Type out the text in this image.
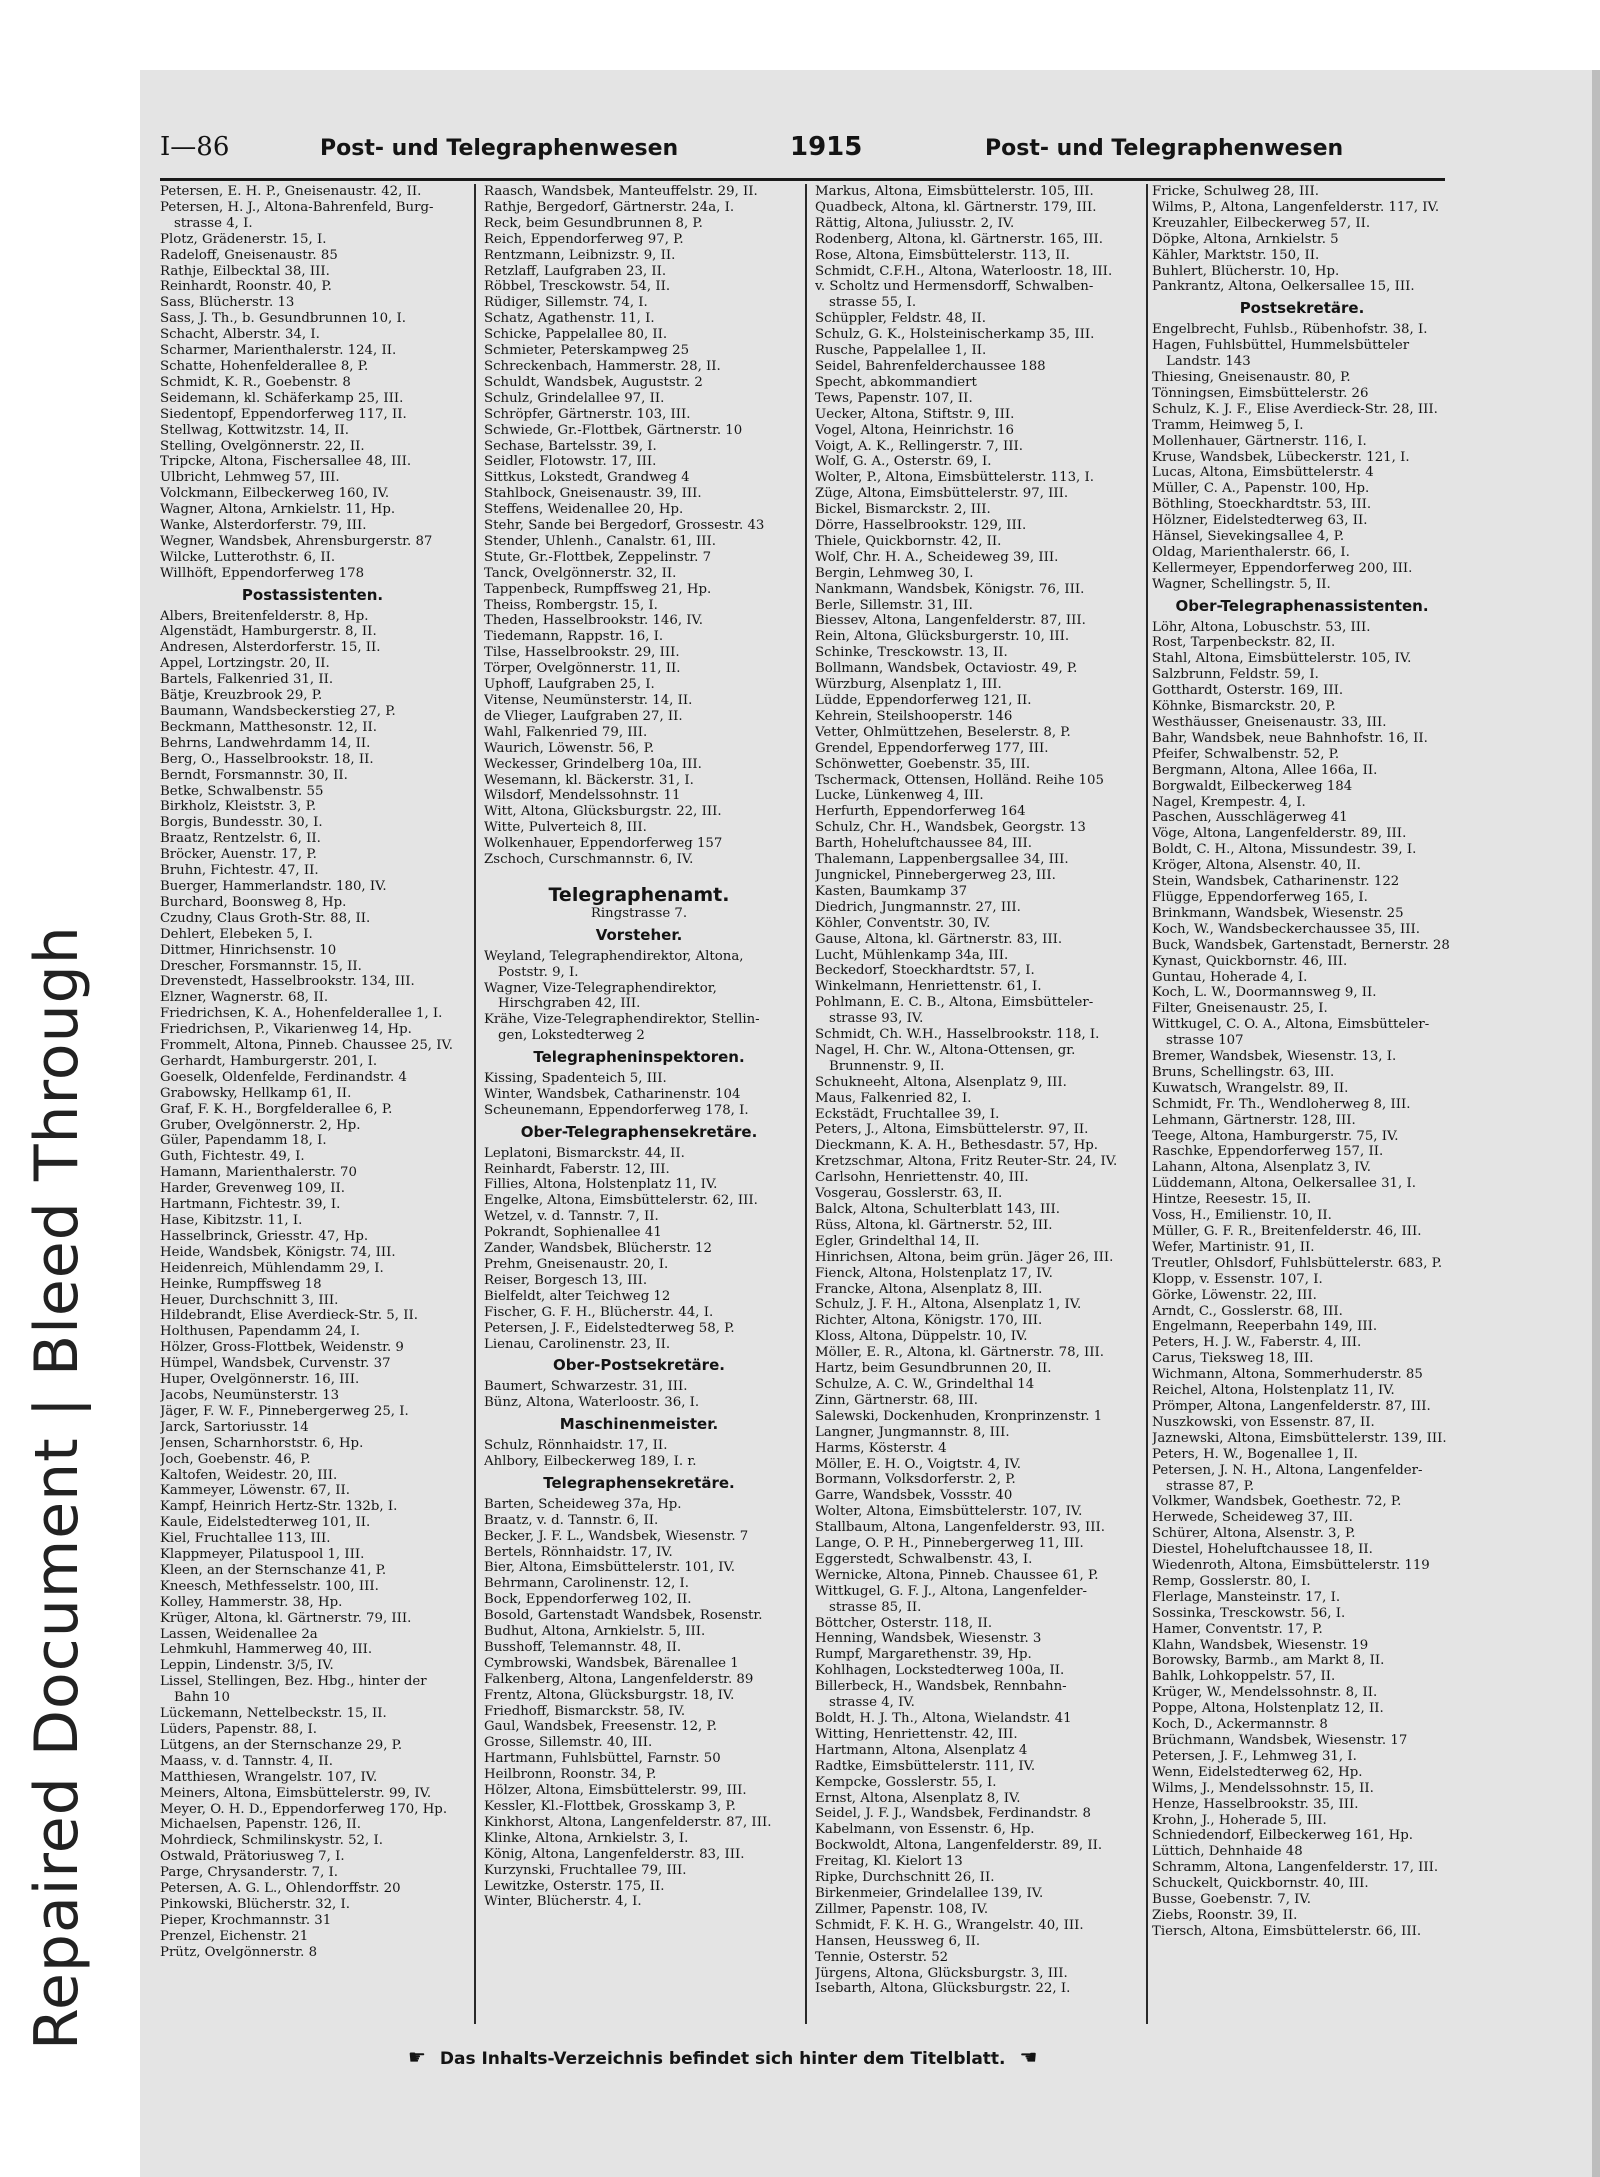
Repaired Document | Bleed Through
I—86	Post- und Telegraphenwesen	1915	Post- und Telegraphenwesen
Petersen, E. H. P., Gneisenaustr. 42, II.
Petersen, H. J., Altona-Bahrenfeld, Burg-
strasse 4, I.
Plotz, Grädenerstr. 15, I.
Radeloff, Gneisenaustr. 85
Rathje, Eilbecktal 38, III.
Reinhardt, Roonstr. 40, P.
Sass, Blücherstr. 13
Sass, J. Th., b. Gesundbrunnen 10, I.
Schacht, Alberstr. 34, I.
Scharmer, Marienthalerstr. 124, II.
Schatte, Hohenfelderallee 8, P.
Schmidt, K. R., Goebenstr. 8
Seidemann, kl. Schäferkamp 25, III.
Siedentopf, Eppendorferweg 117, II.
Stellwag, Kottwitzstr. 14, II.
Stelling, Övelgönnerstr. 22, II.
Tripcke, Altona, Fischersallee 48, III.
Ulbricht, Lehmweg 57, III.
Volckmann, Eilbeckerweg 160, IV.
Wagner, Altona, Arnkielstr. 11, Hp.
Wanke, Alsterdorferstr. 79, III.
Wegner, Wandsbek, Ahrensburgerstr. 87
Wilcke, Lutterothstr. 6, II.
Willhöft, Eppendorferweg 178
Postassistenten.
Albers, Breitenfelderstr. 8, Hp.
Algenstädt, Hamburgerstr. 8, II.
Andresen, Alsterdorferstr. 15, II.
Appel, Lortzingstr. 20, II.
Bartels, Falkenried 31, II.
Bätje, Kreuzbrook 29, P.
Baumann, Wandsbeckerstieg 27, P.
Beckmann, Matthesonstr. 12, II.
Behrns, Landwehrdamm 14, II.
Berg, O., Hasselbrookstr. 18, II.
Berndt, Forsmannstr. 30, II.
Betke, Schwalbenstr. 55
Birkholz, Kleiststr. 3, P.
Borgis, Bundesstr. 30, I.
Braatz, Rentzelstr. 6, II.
Bröcker, Auenstr. 17, P.
Bruhn, Fichtestr. 47, II.
Buerger, Hammerlandstr. 180, IV.
Burchard, Boonsweg 8, Hp.
Czudny, Claus Groth-Str. 88, II.
Dehlert, Elebeken 5, I.
Dittmer, Hinrichsenstr. 10
Drescher, Forsmannstr. 15, II.
Drevenstedt, Hasselbrookstr. 134, III.
Elzner, Wagnerstr. 68, II.
Friedrichsen, K. A., Hohenfelderallee 1, I.
Friedrichsen, P., Vikarienweg 14, Hp.
Frommelt, Altona, Pinneb. Chaussee 25, IV.
Gerhardt, Hamburgerstr. 201, I.
Goeselk, Oldenfelde, Ferdinandstr. 4
Grabowsky, Hellkamp 61, II.
Graf, F. K. H., Borgfelderallee 6, P.
Gruber, Övelgönnerstr. 2, Hp.
Güler, Papendamm 18, I.
Guth, Fichtestr. 49, I.
Hamann, Marienthalerstr. 70
Harder, Grevenweg 109, II.
Hartmann, Fichtestr. 39, I.
Hase, Kibitzstr. 11, I.
Hasselbrinck, Griesstr. 47, Hp.
Heide, Wandsbek, Königstr. 74, III.
Heidenreich, Mühlendamm 29, I.
Heinke, Rumpffsweg 18
Heuer, Durchschnitt 3, III.
Hildebrandt, Elise Averdieck-Str. 5, II.
Holthusen, Papendamm 24, I.
Hölzer, Gross-Flottbek, Weidenstr. 9
Hümpel, Wandsbek, Curvenstr. 37
Huper, Övelgönnerstr. 16, III.
Jacobs, Neumünsterstr. 13
Jäger, F. W. F., Pinnebergerweg 25, I.
Jarck, Sartoriusstr. 14
Jensen, Scharnhorststr. 6, Hp.
Joch, Goebenstr. 46, P.
Kaltofen, Weidestr. 20, III.
Kammeyer, Löwenstr. 67, II.
Kampf, Heinrich Hertz-Str. 132b, I.
Kaule, Eidelstedterweg 101, II.
Kiel, Fruchtallee 113, III.
Klappmeyer, Pilatuspool 1, III.
Kleen, an der Sternschanze 41, P.
Kneesch, Methfesselstr. 100, III.
Kolley, Hammerstr. 38, Hp.
Krüger, Altona, kl. Gärtnerstr. 79, III.
Lassen, Weidenallee 2a
Lehmkuhl, Hammerweg 40, III.
Leppin, Lindenstr. 3/5, IV.
Lissel, Stellingen, Bez. Hbg., hinter der
Bahn 10
Lückemann, Nettelbeckstr. 15, II.
Lüders, Papenstr. 88, I.
Lütgens, an der Sternschanze 29, P.
Maass, v. d. Tannstr. 4, II.
Matthiesen, Wrangelstr. 107, IV.
Meiners, Altona, Eimsbüttelerstr. 99, IV.
Meyer, O. H. D., Eppendorferweg 170, Hp.
Michaelsen, Papenstr. 126, II.
Mohrdieck, Schmilinskystr. 52, I.
Ostwald, Prätoriusweg 7, I.
Parge, Chrysanderstr. 7, I.
Petersen, A. G. L., Ohlendorffstr. 20
Pinkowski, Blücherstr. 32, I.
Pieper, Krochmannstr. 31
Prenzel, Eichenstr. 21
Prütz, Övelgönnerstr. 8
Raasch, Wandsbek, Manteuffelstr. 29, II.
Rathje, Bergedorf, Gärtnerstr. 24a, I.
Reck, beim Gesundbrunnen 8, P.
Reich, Eppendorferweg 97, P.
Rentzmann, Leibnizstr. 9, II.
Retzlaff, Laufgraben 23, II.
Röbbel, Tresckowstr. 54, II.
Rüdiger, Sillemstr. 74, I.
Schatz, Agathenstr. 11, I.
Schicke, Pappelallee 80, II.
Schmieter, Peterskampweg 25
Schreckenbach, Hammerstr. 28, II.
Schuldt, Wandsbek, Auguststr. 2
Schulz, Grindelallee 97, II.
Schröpfer, Gärtnerstr. 103, III.
Schwiede, Gr.-Flottbek, Gärtnerstr. 10
Sechase, Bartelsstr. 39, I.
Seidler, Flotowstr. 17, III.
Sittkus, Lokstedt, Grandweg 4
Stahlbock, Gneisenaustr. 39, III.
Steffens, Weidenallee 20, Hp.
Stehr, Sande bei Bergedorf, Grossestr. 43
Stender, Uhlenh., Canalstr. 61, III.
Stute, Gr.-Flottbek, Zeppelinstr. 7
Tanck, Övelgönnerstr. 32, II.
Tappenbeck, Rumpffsweg 21, Hp.
Theiss, Rombergstr. 15, I.
Theden, Hasselbrookstr. 146, IV.
Tiedemann, Rappstr. 16, I.
Tilse, Hasselbrookstr. 29, III.
Törper, Övelgönnerstr. 11, II.
Uphoff, Laufgraben 25, I.
Vitense, Neumünsterstr. 14, II.
de Vlieger, Laufgraben 27, II.
Wahl, Falkenried 79, III.
Waurich, Löwenstr. 56, P.
Weckesser, Grindelberg 10a, III.
Wesemann, kl. Bäckerstr. 31, I.
Wilsdorf, Mendelssohnstr. 11
Witt, Altona, Glücksburgstr. 22, III.
Witte, Pulverteich 8, III.
Wolkenhauer, Eppendorferweg 157
Zschoch, Curschmannstr. 6, IV.
Telegraphenamt.
Ringstrasse 7.
Vorsteher.
Weyland, Telegraphendirektor, Altona,
Poststr. 9, I.
Wagner, Vize-Telegraphendirektor,
Hirschgraben 42, III.
Krähe, Vize-Telegraphendirektor, Stellin-
gen, Lokstedterweg 2
Telegrapheninspektoren.
Kissing, Spadenteich 5, III.
Winter, Wandsbek, Catharinenstr. 104
Scheunemann, Eppendorferweg 178, I.
Ober-Telegraphensekretäre.
Leplatoni, Bismarckstr. 44, II.
Reinhardt, Faberstr. 12, III.
Fillies, Altona, Holstenplatz 11, IV.
Engelke, Altona, Eimsbüttelerstr. 62, III.
Wetzel, v. d. Tannstr. 7, II.
Pokrandt, Sophienallee 41
Zander, Wandsbek, Blücherstr. 12
Prehm, Gneisenaustr. 20, I.
Reiser, Borgesch 13, III.
Bielfeldt, alter Teichweg 12
Fischer, G. F. H., Blücherstr. 44, I.
Petersen, J. F., Eidelstedterweg 58, P.
Lienau, Carolinenstr. 23, II.
Ober-Postsekretäre.
Baumert, Schwarzestr. 31, III.
Bünz, Altona, Waterloostr. 36, I.
Maschinenmeister.
Schulz, Rönnhaidstr. 17, II.
Ahlbory, Eilbeckerweg 189, I. r.
Telegraphensekretäre.
Barten, Scheideweg 37a, Hp.
Braatz, v. d. Tannstr. 6, II.
Becker, J. F. L., Wandsbek, Wiesenstr. 7
Bertels, Rönnhaidstr. 17, IV.
Bier, Altona, Eimsbüttelerstr. 101, IV.
Behrmann, Carolinenstr. 12, I.
Bock, Eppendorferweg 102, II.
Bosold, Gartenstadt Wandsbek, Rosenstr.
Budhut, Altona, Arnkielstr. 5, III.
Busshoff, Telemannstr. 48, II.
Cymbrowski, Wandsbek, Bärenallee 1
Falkenberg, Altona, Langenfelderstr. 89
Frentz, Altona, Glücksburgstr. 18, IV.
Friedhoff, Bismarckstr. 58, IV.
Gaul, Wandsbek, Freesenstr. 12, P.
Grosse, Sillemstr. 40, III.
Hartmann, Fuhlsbüttel, Farnstr. 50
Heilbronn, Roonstr. 34, P.
Hölzer, Altona, Eimsbüttelerstr. 99, III.
Kessler, Kl.-Flottbek, Grosskamp 3, P.
Kinkhorst, Altona, Langenfelderstr. 87, III.
Klinke, Altona, Arnkielstr. 3, I.
König, Altona, Langenfelderstr. 83, III.
Kurzynski, Fruchtallee 79, III.
Lewitzke, Osterstr. 175, II.
Winter, Blücherstr. 4, I.
Markus, Altona, Eimsbüttelerstr. 105, III.
Quadbeck, Altona, kl. Gärtnerstr. 179, III.
Rättig, Altona, Juliusstr. 2, IV.
Rodenberg, Altona, kl. Gärtnerstr. 165, III.
Rose, Altona, Eimsbüttelerstr. 113, II.
Schmidt, C.F.H., Altona, Waterloostr. 18, III.
v. Scholtz und Hermensdorff, Schwalben-
strasse 55, I.
Schüppler, Feldstr. 48, II.
Schulz, G. K., Holsteinischerkamp 35, III.
Rusche, Pappelallee 1, II.
Seidel, Bahrenfelderchaussee 188
Specht, abkommandiert
Tews, Papenstr. 107, II.
Uecker, Altona, Stiftstr. 9, III.
Vogel, Altona, Heinrichstr. 16
Voigt, A. K., Rellingerstr. 7, III.
Wolf, G. A., Osterstr. 69, I.
Wolter, P., Altona, Eimsbüttelerstr. 113, I.
Züge, Altona, Eimsbüttelerstr. 97, III.
Bickel, Bismarckstr. 2, III.
Dörre, Hasselbrookstr. 129, III.
Thiele, Quickbornstr. 42, II.
Wolf, Chr. H. A., Scheideweg 39, III.
Bergin, Lehmweg 30, I.
Nankmann, Wandsbek, Königstr. 76, III.
Berle, Sillemstr. 31, III.
Biessev, Altona, Langenfelderstr. 87, III.
Rein, Altona, Glücksburgerstr. 10, III.
Schinke, Tresckowstr. 13, II.
Bollmann, Wandsbek, Octaviostr. 49, P.
Würzburg, Alsenplatz 1, III.
Lüdde, Eppendorferweg 121, II.
Kehrein, Steilshooperstr. 146
Vetter, Ohlmüttzehen, Beselerstr. 8, P.
Grendel, Eppendorferweg 177, III.
Schönwetter, Goebenstr. 35, III.
Tschermack, Ottensen, Holländ. Reihe 105
Lucke, Lünkenweg 4, III.
Herfurth, Eppendorferweg 164
Schulz, Chr. H., Wandsbek, Georgstr. 13
Barth, Hoheluftchaussee 84, III.
Thalemann, Lappenbergsallee 34, III.
Jungnickel, Pinnebergerweg 23, III.
Kasten, Baumkamp 37
Diedrich, Jungmannstr. 27, III.
Köhler, Conventstr. 30, IV.
Gause, Altona, kl. Gärtnerstr. 83, III.
Lucht, Mühlenkamp 34a, III.
Beckedorf, Stoeckhardtstr. 57, I.
Winkelmann, Henriettenstr. 61, I.
Pohlmann, E. C. B., Altona, Eimsbütteler-
strasse 93, IV.
Schmidt, Ch. W.H., Hasselbrookstr. 118, I.
Nagel, H. Chr. W., Altona-Ottensen, gr.
Brunnenstr. 9, II.
Schukneeht, Altona, Alsenplatz 9, III.
Maus, Falkenried 82, I.
Eckstädt, Fruchtallee 39, I.
Peters, J., Altona, Eimsbüttelerstr. 97, II.
Dieckmann, K. A. H., Bethesdastr. 57, Hp.
Kretzschmar, Altona, Fritz Reuter-Str. 24, IV.
Carlsohn, Henriettenstr. 40, III.
Vosgerau, Gosslerstr. 63, II.
Balck, Altona, Schulterblatt 143, III.
Rüss, Altona, kl. Gärtnerstr. 52, III.
Egler, Grindelthal 14, II.
Hinrichsen, Altona, beim grün. Jäger 26, III.
Fienck, Altona, Holstenplatz 17, IV.
Francke, Altona, Alsenplatz 8, III.
Schulz, J. F. H., Altona, Alsenplatz 1, IV.
Richter, Altona, Königstr. 170, III.
Kloss, Altona, Düppelstr. 10, IV.
Möller, E. R., Altona, kl. Gärtnerstr. 78, III.
Hartz, beim Gesundbrunnen 20, II.
Schulze, A. C. W., Grindelthal 14
Zinn, Gärtnerstr. 68, III.
Salewski, Dockenhuden, Kronprinzenstr. 1
Langner, Jungmannstr. 8, III.
Harms, Kösterstr. 4
Möller, E. H. O., Voigtstr. 4, IV.
Bormann, Volksdorferstr. 2, P.
Garre, Wandsbek, Vossstr. 40
Wolter, Altona, Eimsbüttelerstr. 107, IV.
Stallbaum, Altona, Langenfelderstr. 93, III.
Lange, O. P. H., Pinnebergerweg 11, III.
Eggerstedt, Schwalbenstr. 43, I.
Wernicke, Altona, Pinneb. Chaussee 61, P.
Wittkugel, G. F. J., Altona, Langenfelder-
strasse 85, II.
Böttcher, Osterstr. 118, II.
Henning, Wandsbek, Wiesenstr. 3
Rumpf, Margarethenstr. 39, Hp.
Kohlhagen, Lockstedterweg 100a, II.
Billerbeck, H., Wandsbek, Rennbahn-
strasse 4, IV.
Boldt, H. J. Th., Altona, Wielandstr. 41
Witting, Henriettenstr. 42, III.
Hartmann, Altona, Alsenplatz 4
Radtke, Eimsbüttelerstr. 111, IV.
Kempcke, Gosslerstr. 55, I.
Ernst, Altona, Alsenplatz 8, IV.
Seidel, J. F. J., Wandsbek, Ferdinandstr. 8
Kabelmann, von Essenstr. 6, Hp.
Bockwoldt, Altona, Langenfelderstr. 89, II.
Freitag, Kl. Kielort 13
Ripke, Durchschnitt 26, II.
Birkenmeier, Grindelallee 139, IV.
Zillmer, Papenstr. 108, IV.
Schmidt, F. K. H. G., Wrangelstr. 40, III.
Hansen, Heussweg 6, II.
Tennie, Osterstr. 52
Jürgens, Altona, Glücksburgstr. 3, III.
Isebarth, Altona, Glücksburgstr. 22, I.
Fricke, Schulweg 28, III.
Wilms, P., Altona, Langenfelderstr. 117, IV.
Kreuzahler, Eilbeckerweg 57, II.
Döpke, Altona, Arnkielstr. 5
Kähler, Marktstr. 150, II.
Buhlert, Blücherstr. 10, Hp.
Pankrantz, Altona, Oelkersallee 15, III.
Postsekretäre.
Engelbrecht, Fuhlsb., Rübenhofstr. 38, I.
Hagen, Fuhlsbüttel, Hummelsbütteler
Landstr. 143
Thiesing, Gneisenaustr. 80, P.
Tönningsen, Eimsbüttelerstr. 26
Schulz, K. J. F., Elise Averdieck-Str. 28, III.
Tramm, Heimweg 5, I.
Mollenhauer, Gärtnerstr. 116, I.
Kruse, Wandsbek, Lübeckerstr. 121, I.
Lucas, Altona, Eimsbüttelerstr. 4
Müller, C. A., Papenstr. 100, Hp.
Böthling, Stoeckhardtstr. 53, III.
Hölzner, Eidelstedterweg 63, II.
Hänsel, Sievekingsallee 4, P.
Oldag, Marienthalerstr. 66, I.
Kellermeyer, Eppendorferweg 200, III.
Wagner, Schellingstr. 5, II.
Ober-Telegraphenassistenten.
Löhr, Altona, Lobuschstr. 53, III.
Rost, Tarpenbeckstr. 82, II.
Stahl, Altona, Eimsbüttelerstr. 105, IV.
Salzbrunn, Feldstr. 59, I.
Gotthardt, Osterstr. 169, III.
Köhnke, Bismarckstr. 20, P.
Westhäusser, Gneisenaustr. 33, III.
Bahr, Wandsbek, neue Bahnhofstr. 16, II.
Pfeifer, Schwalbenstr. 52, P.
Bergmann, Altona, Allee 166a, II.
Borgwaldt, Eilbeckerweg 184
Nagel, Krempestr. 4, I.
Paschen, Ausschlägerweg 41
Vöge, Altona, Langenfelderstr. 89, III.
Boldt, C. H., Altona, Missundestr. 39, I.
Kröger, Altona, Alsenstr. 40, II.
Stein, Wandsbek, Catharinenstr. 122
Flügge, Eppendorferweg 165, I.
Brinkmann, Wandsbek, Wiesenstr. 25
Koch, W., Wandsbeckerchaussee 35, III.
Buck, Wandsbek, Gartenstadt, Bernerstr. 28
Kynast, Quickbornstr. 46, III.
Guntau, Hoherade 4, I.
Koch, L. W., Doormannsweg 9, II.
Filter, Gneisenaustr. 25, I.
Wittkugel, C. O. A., Altona, Eimsbütteler-
strasse 107
Bremer, Wandsbek, Wiesenstr. 13, I.
Bruns, Schellingstr. 63, III.
Kuwatsch, Wrangelstr. 89, II.
Schmidt, Fr. Th., Wendloherweg 8, III.
Lehmann, Gärtnerstr. 128, III.
Teege, Altona, Hamburgerstr. 75, IV.
Raschke, Eppendorferweg 157, II.
Lahann, Altona, Alsenplatz 3, IV.
Lüddemann, Altona, Oelkersallee 31, I.
Hintze, Reesestr. 15, II.
Voss, H., Emilienstr. 10, II.
Müller, G. F. R., Breitenfelderstr. 46, III.
Wefer, Martinistr. 91, II.
Treutler, Ohlsdorf, Fuhlsbüttelerstr. 683, P.
Klopp, v. Essenstr. 107, I.
Görke, Löwenstr. 22, III.
Arndt, C., Gosslerstr. 68, III.
Engelmann, Reeperbahn 149, III.
Peters, H. J. W., Faberstr. 4, III.
Carus, Tieksweg 18, III.
Wichmann, Altona, Sommerhuderstr. 85
Reichel, Altona, Holstenplatz 11, IV.
Prömper, Altona, Langenfelderstr. 87, III.
Nuszkowski, von Essenstr. 87, II.
Jaznewski, Altona, Eimsbüttelerstr. 139, III.
Peters, H. W., Bogenallee 1, II.
Petersen, J. N. H., Altona, Langenfelder-
strasse 87, P.
Volkmer, Wandsbek, Goethestr. 72, P.
Herwede, Scheideweg 37, III.
Schürer, Altona, Alsenstr. 3, P.
Diestel, Hoheluftchaussee 18, II.
Wiedenroth, Altona, Eimsbüttelerstr. 119
Remp, Gosslerstr. 80, I.
Flerlage, Mansteinstr. 17, I.
Sossinka, Tresckowstr. 56, I.
Hamer, Conventstr. 17, P.
Klahn, Wandsbek, Wiesenstr. 19
Borowsky, Barmb., am Markt 8, II.
Bahlk, Lohkoppelstr. 57, II.
Krüger, W., Mendelssohnstr. 8, II.
Poppe, Altona, Holstenplatz 12, II.
Koch, D., Ackermannstr. 8
Brüchmann, Wandsbek, Wiesenstr. 17
Petersen, J. F., Lehmweg 31, I.
Wenn, Eidelstedterweg 62, Hp.
Wilms, J., Mendelssohnstr. 15, II.
Henze, Hasselbrookstr. 35, III.
Krohn, J., Hoherade 5, III.
Schniedendorf, Eilbeckerweg 161, Hp.
Lüttich, Dehnhaide 48
Schramm, Altona, Langenfelderstr. 17, III.
Schuckelt, Quickbornstr. 40, III.
Busse, Goebenstr. 7, IV.
Ziebs, Roonstr. 39, II.
Tiersch, Altona, Eimsbüttelerstr. 66, III.
☛ Das Inhalts-Verzeichnis befindet sich hinter dem Titelblatt. ☚
